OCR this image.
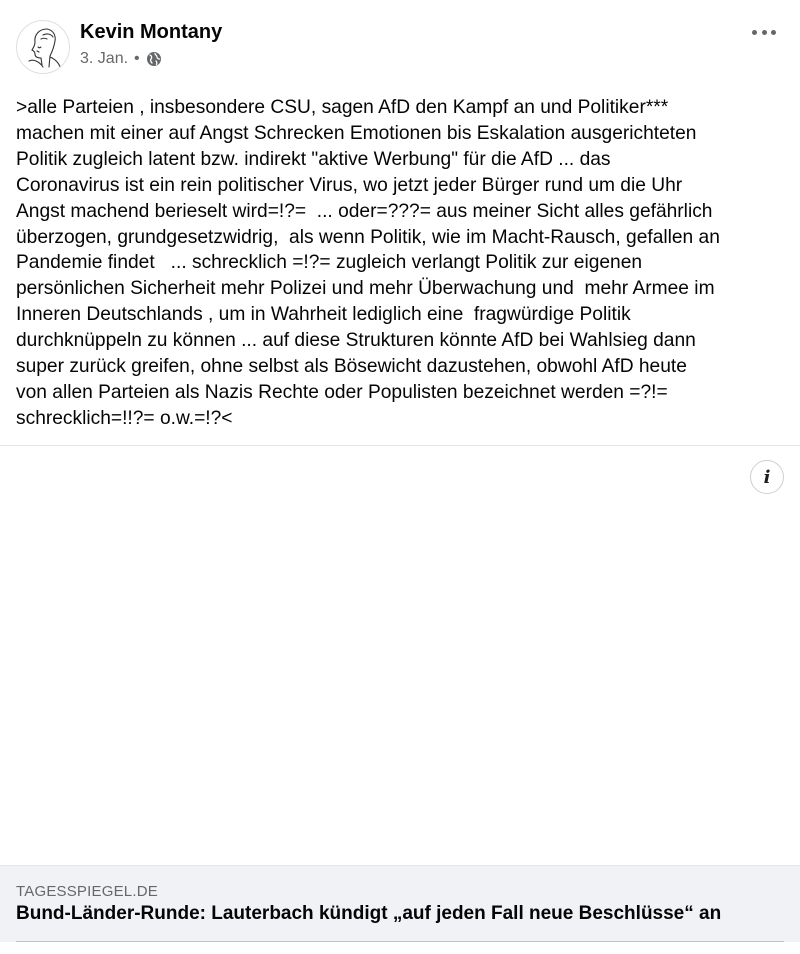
Kevin Montany
3. Jan. •

>alle Parteien , insbesondere CSU, sagen AfD den Kampf an und Politiker***
machen mit einer auf Angst Schrecken Emotionen bis Eskalation ausgerichteten
Politik zugleich latent bzw. indirekt "aktive Werbung" für die AfD ... das
Coronavirus ist ein rein politischer Virus, wo jetzt jeder Bürger rund um die Uhr
Angst machend berieselt wird=!?=  ... oder=???= aus meiner Sicht alles gefährlich
überzogen, grundgesetzwidrig,  als wenn Politik, wie im Macht-Rausch, gefallen an
Pandemie findet   ... schrecklich =!?= zugleich verlangt Politik zur eigenen
persönlichen Sicherheit mehr Polizei und mehr Überwachung und  mehr Armee im
Inneren Deutschlands , um in Wahrheit lediglich eine  fragwürdige Politik
durchknüppeln zu können ... auf diese Strukturen könnte AfD bei Wahlsieg dann
super zurück greifen, ohne selbst als Bösewicht dazustehen, obwohl AfD heute
von allen Parteien als Nazis Rechte oder Populisten bezeichnet werden =?!=
schrecklich=!!?= o.w.=!?<

i
TAGESSPIEGEL.DE
Bund-Länder-Runde: Lauterbach kündigt „auf jeden Fall neue Beschlüsse“ an
